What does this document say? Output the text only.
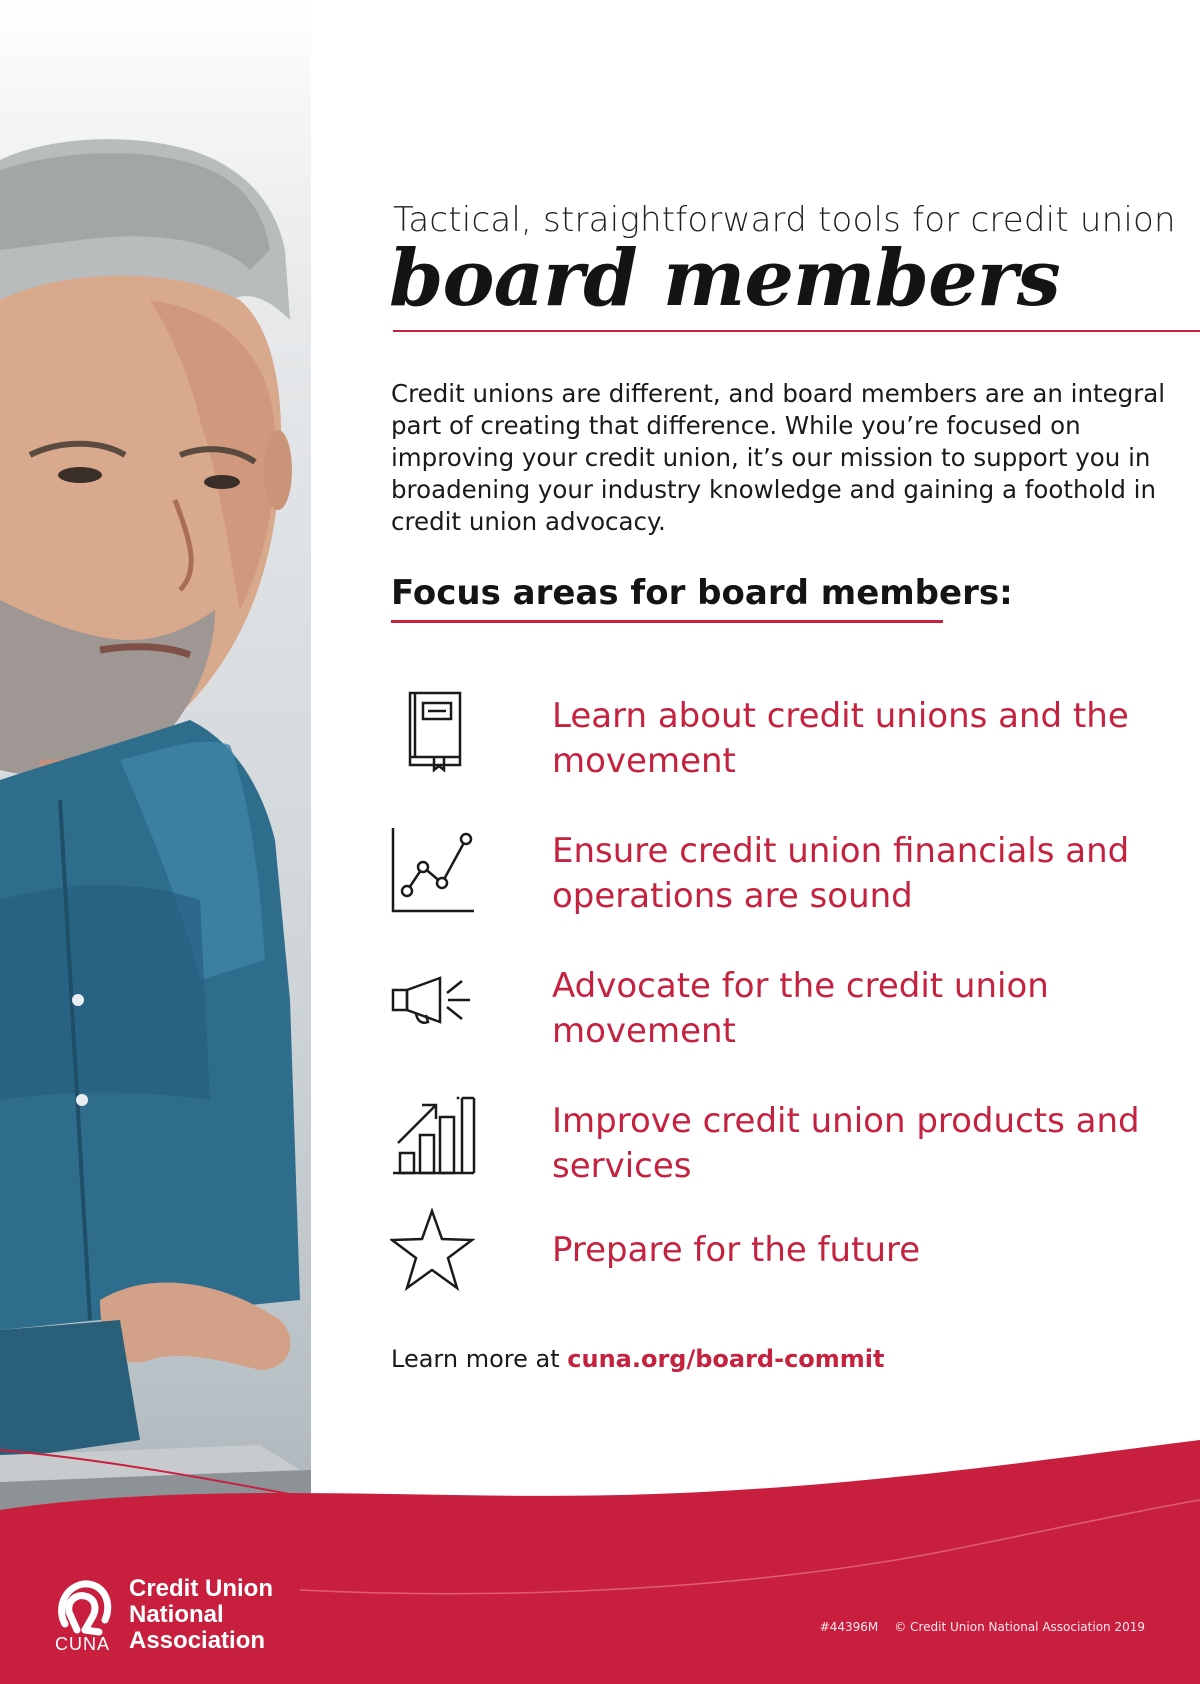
Tactical, straightforward tools for credit union
board members

Credit unions are different, and board members are an integral part of creating that difference. While you’re focused on improving your credit union, it’s our mission to support you in broadening your industry knowledge and gaining a foothold in credit union advocacy.

Focus areas for board members:
Learn about credit unions and the movement
Ensure credit union financials and operations are sound
Advocate for the credit union movement
Improve credit union products and services
Prepare for the future
Learn more at cuna.org/board-commit
Credit Union
National
Association
CUNA
#44396M © Credit Union National Association 2019
